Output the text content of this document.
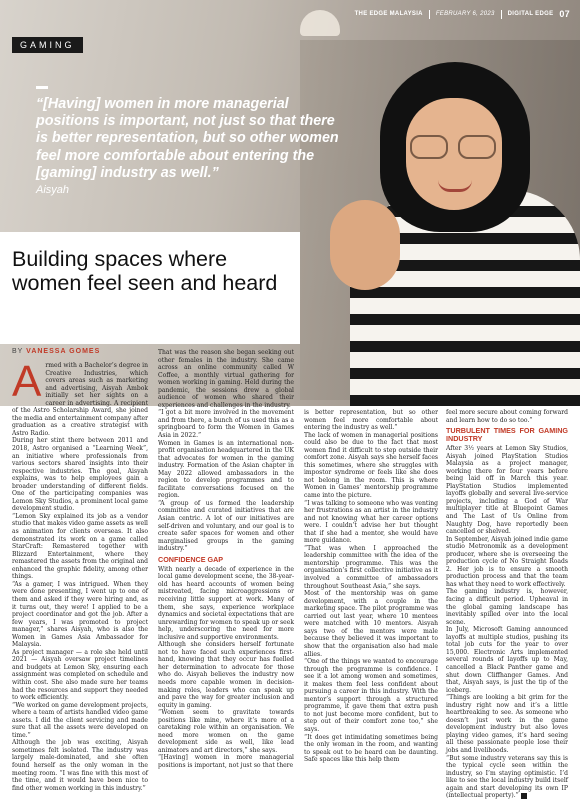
THE EDGE MALAYSIA FEBRUARY 6, 2023 DIGITAL EDGE 07
GAMING
“[Having] women in more managerial positions is important, not just so that there is better representation, but so other women feel more comfortable about entering the [gaming] industry as well.”
Aisyah
Building spaces where women feel seen and heard
BY VANESSA GOMES
A rmed with a Bachelor’s degree in Creative Industries, which covers areas such as marketing and advertising, Aisyah Ambok initially set her sights on a career in advertising. A recipient of the Astro Scholarship Award, she joined the media and entertainment company after graduation as a creative strategist with Astro Radio.

During her stint there between 2011 and 2018, Astro organised a “Learning Week”, an initiative where professionals from various sectors shared insights into their respective industries. The goal, Aisyah explains, was to help employees gain a broader understanding of different fields. One of the participating companies was Lemon Sky Studios, a prominent local game development studio.

“Lemon Sky explained its job as a vendor studio that makes video game assets as well as animation for clients overseas. It also demonstrated its work on a game called StarCraft: Remastered together with Blizzard Entertainment, where they remastered the assets from the original and enhanced the graphic fidelity, among other things.

“As a gamer, I was intrigued. When they were done presenting, I went up to one of them and asked if they were hiring and, as it turns out, they were! I applied to be a project coordinator and got the job. After a few years, I was promoted to project manager,” shares Aisyah, who is also the Women in Games Asia Ambassador for Malaysia.

As project manager — a role she held until 2021 — Aisyah oversaw project timelines and budgets at Lemon Sky, ensuring each assignment was completed on schedule and within cost. She also made sure her teams had the resources and support they needed to work efficiently.

“We worked on game development projects, where a team of artists handled video game assets. I did the client servicing and made sure that all the assets were developed on time.”

Although the job was exciting, Aisyah sometimes felt isolated. The industry was largely male-dominated, and she often found herself as the only woman in the meeting room. “I was fine with this most of the time, and it would have been nice to find other women working in this industry.”

That was the reason she began seeking out other females in the industry. She came across an online community called W Coffee, a monthly virtual gathering for women working in gaming. Held during the pandemic, the sessions drew a global audience of women who shared their experiences and challenges in the industry.

“I got a bit more involved in the movement and from there, a bunch of us used this as a springboard to form the Women in Games Asia in 2022.”

Women in Games is an international non-profit organisation headquartered in the UK that advocates for women in the gaming industry. Formation of the Asian chapter in May 2022 allowed ambassadors in the region to develop programmes and to facilitate conversations focused on the region.

“A group of us formed the leadership committee and curated initiatives that are Asian centric. A lot of our initiatives are self-driven and voluntary, and our goal is to create safer spaces for women and other marginalised groups in the gaming industry.”

CONFIDENCE GAP

With nearly a decade of experience in the local game development scene, the 38-year-old has heard accounts of women being mistreated, facing microaggressions or receiving little support at work. Many of them, she says, experience workplace dynamics and societal expectations that are unrewarding for women to speak up or seek help, underscoring the need for more inclusive and supportive environments.

Although she considers herself fortunate not to have faced such experiences first-hand, knowing that they occur has fuelled her determination to advocate for those who do. Aisyah believes the industry now needs more capable women in decision-making roles, leaders who can speak up and pave the way for greater inclusion and equity in gaming.

“Women seem to gravitate towards positions like mine, where it’s more of a caretaking role within an organisation. We need more women on the game development side as well, like lead animators and art directors,” she says.

“[Having] women in more managerial positions is important, not just so that there

is better representation, but so other women feel more comfortable about entering the industry as well.”

The lack of women in managerial positions could also be due to the fact that most women find it difficult to step outside their comfort zone. Aisyah says she herself faces this sometimes, where she struggles with impostor syndrome or feels like she does not belong in the room. This is where Women in Games’ mentorship programme came into the picture.

“I was talking to someone who was venting her frustrations as an artist in the industry and not knowing what her career options were. I couldn’t advise her but thought that if she had a mentor, she would have more guidance.

“That was when I approached the leadership committee with the idea of the mentorship programme. This was the organisation’s first collective initiative as it involved a committee of ambassadors throughout Southeast Asia,” she says.

Most of the mentorship was on game development, with a couple in the marketing space. The pilot programme was carried out last year, where 10 mentees were matched with 10 mentors. Aisyah says two of the mentors were male because they believed it was important to show that the organisation also had male allies.

“One of the things we wanted to encourage through the programme is confidence. I see it a lot among women and sometimes, it makes them feel less confident about pursuing a career in this industry. With the mentor’s support through a structured programme, it gave them that extra push to not just become more confident, but to step out of their comfort zone too,” she says.

“It does get intimidating sometimes being the only woman in the room, and wanting to speak out to be heard can be daunting. Safe spaces like this help them

feel more secure about coming forward and learn how to do so too.”

TURBULENT TIMES FOR GAMING INDUSTRY

After 3½ years at Lemon Sky Studios, Aisyah joined PlayStation Studios Malaysia as a project manager, working there for four years before being laid off in March this year. PlayStation Studios implemented layoffs globally and several live-service projects, including a God of War multiplayer title at Bluepoint Games and The Last of Us Online from Naughty Dog, have reportedly been cancelled or shelved.

In September, Aisyah joined indie game studio Metronomik as a development producer, where she is overseeing the production cycle of No Straight Roads 2. Her job is to ensure a smooth production process and that the team has what they need to work effectively.

The gaming industry is, however, facing a difficult period. Upheaval in the global gaming landscape has inevitably spilled over into the local scene.

In July, Microsoft Gaming announced layoffs at multiple studios, pushing its total job cuts for the year to over 15,000. Electronic Arts implemented several rounds of layoffs up to May, cancelled a Black Panther game and shut down Cliffhanger Games. And that, Aisyah says, is just the tip of the iceberg.

“Things are looking a bit grim for the industry right now and it’s a little heartbreaking to see. As someone who doesn’t just work in the game development industry but also loves playing video games, it’s hard seeing all these passionate people lose their jobs and livelihoods.

“But some industry veterans say this is the typical cycle seen within the industry, so I’m staying optimistic. I’d like to see the local industry build itself again and start developing its own IP (intellectual property).”
